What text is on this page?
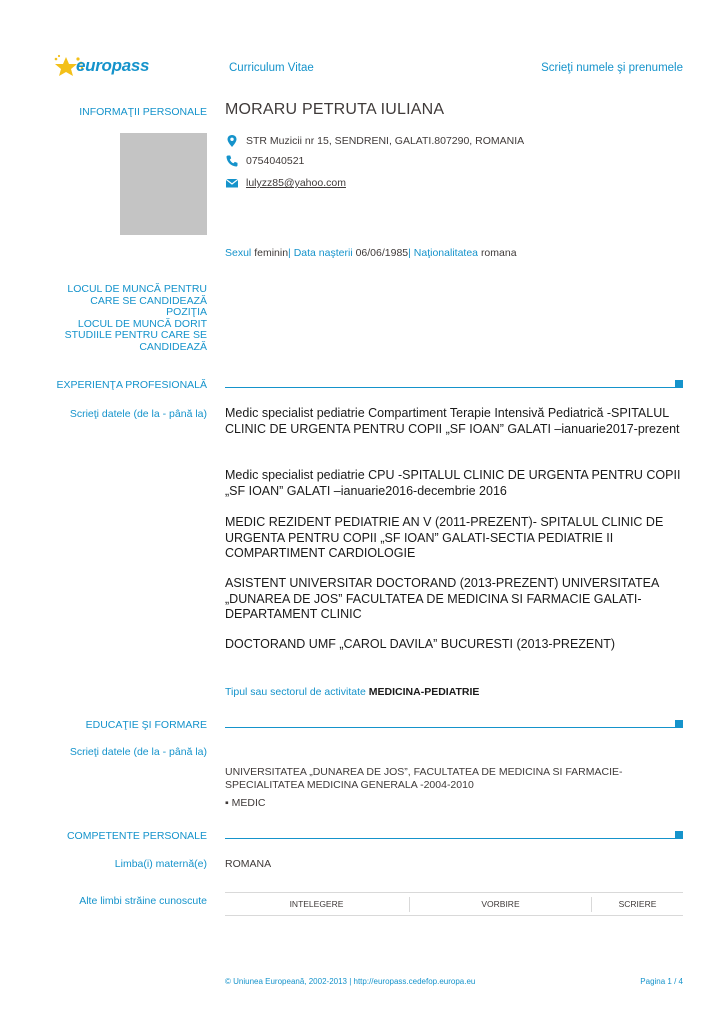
europass	Curriculum Vitae	Scrieţi numele şi prenumele
INFORMAŢII PERSONALE MORARU PETRUTA IULIANA
STR Muzicii nr 15, SENDRENI, GALATI.807290, ROMANIA
0754040521
lulyzz85@yahoo.com
Sexul feminin| Data naşterii 06/06/1985| Naţionalitatea romana
LOCUL DE MUNCĂ PENTRU
CARE SE CANDIDEAZĂ
POZIŢIA
LOCUL DE MUNCĂ DORIT
STUDIILE PENTRU CARE SE
CANDIDEAZĂ
EXPERIENŢA PROFESIONALĂ
Scrieţi datele (de la - până la) Medic specialist pediatrie Compartiment Terapie Intensivă Pediatrică -SPITALUL CLINIC DE URGENTA PENTRU COPII „SF IOAN” GALATI –ianuarie2017-prezent
Medic specialist pediatrie CPU -SPITALUL CLINIC DE URGENTA PENTRU COPII „SF IOAN” GALATI –ianuarie2016-decembrie 2016
MEDIC REZIDENT PEDIATRIE AN V (2011-PREZENT)- SPITALUL CLINIC DE URGENTA PENTRU COPII „SF IOAN” GALATI-SECTIA PEDIATRIE II COMPARTIMENT CARDIOLOGIE
ASISTENT UNIVERSITAR DOCTORAND (2013-PREZENT) UNIVERSITATEA „DUNAREA DE JOS” FACULTATEA DE MEDICINA SI FARMACIE GALATI-DEPARTAMENT CLINIC
DOCTORAND UMF „CAROL DAVILA” BUCURESTI (2013-PREZENT)
Tipul sau sectorul de activitate MEDICINA-PEDIATRIE
EDUCAŢIE ŞI FORMARE
Scrieţi datele (de la - până la)
UNIVERSITATEA „DUNAREA DE JOS”, FACULTATEA DE MEDICINA SI FARMACIE-SPECIALITATEA MEDICINA GENERALA -2004-2010
▪ MEDIC
COMPETENTE PERSONALE
Limba(i) maternă(e) ROMANA
Alte limbi străine cunoscute	INTELEGERE	VORBIRE	SCRIERE
© Uniunea Europeană, 2002-2013 | http://europass.cedefop.europa.eu	Pagina 1 / 4
